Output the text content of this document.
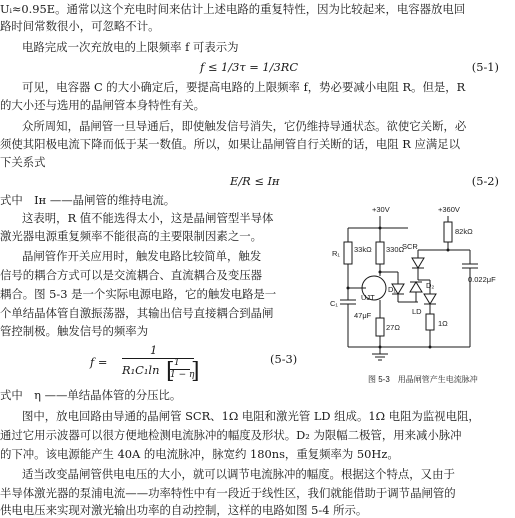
Uᵢ≈0.95E。通常以这个充电时间来估计上述电路的重复特性，因为比较起来，电容器放电回
路时间常数很小，可忽略不计。
电路完成一次充放电的上限频率 f 可表示为
f ≤ 1/3τ = 1/3RC	(5-1)
可见，电容器 C 的大小确定后，要提高电路的上限频率 f，势必要减小电阻 R。但是，R
的大小还与选用的晶闸管本身特性有关。
众所周知，晶闸管一旦导通后，即使触发信号消失，它仍维持导通状态。欲使它关断，必
须使其阳极电流下降而低于某一数值。所以，如果让晶闸管自行关断的话，电阻 R 应满足以
下关系式
E/R ≤ Iʜ	(5-2)
式中　Iʜ ——晶闸管的维持电流。
这表明，R 值不能选得太小，这是晶闸管型半导体
激光器电源重复频率不能很高的主要限制因素之一。
晶闸管作开关应用时，触发电路比较简单，触发
信号的耦合方式可以是交流耦合、直流耦合及变压器
耦合。图 5-3 是一个实际电源电路，它的触发电路是一
个单结晶体管自激振荡器，其输出信号直接耦合到晶闸
管控制极。触发信号的频率为
f =
1
R₁C₁ln [ 1
1 − η
]	(5-3)
式中　η ——单结晶体管的分压比。
图中，放电回路由导通的晶闸管 SCR、1Ω 电阻和激光管 LD 组成。1Ω 电阻为监视电阻，
通过它用示波器可以很方便地检测电流脉冲的幅度及形状。D₂ 为限幅二极管，用来减小脉冲
的下冲。该电源能产生 40A 的电流脉冲，脉宽约 180ns，重复频率为 50Hz。
适当改变晶闸管供电电压的大小，就可以调节电流脉冲的幅度。根据这个特点，又由于
半导体激光器的泵浦电流——功率特性中有一段近于线性区，我们就能借助于调节晶闸管的
供电电压来实现对激光输出功率的自动控制，这样的电路如图 5-4 所示。
+30V	+360V
R₁ 33kΩ 330Ω
82kΩ
SCR
C₁
47μF
UJT
27Ω
D₁	D₂
LD
1Ω
0.022μF
图 5-3　用晶闸管产生电流脉冲
